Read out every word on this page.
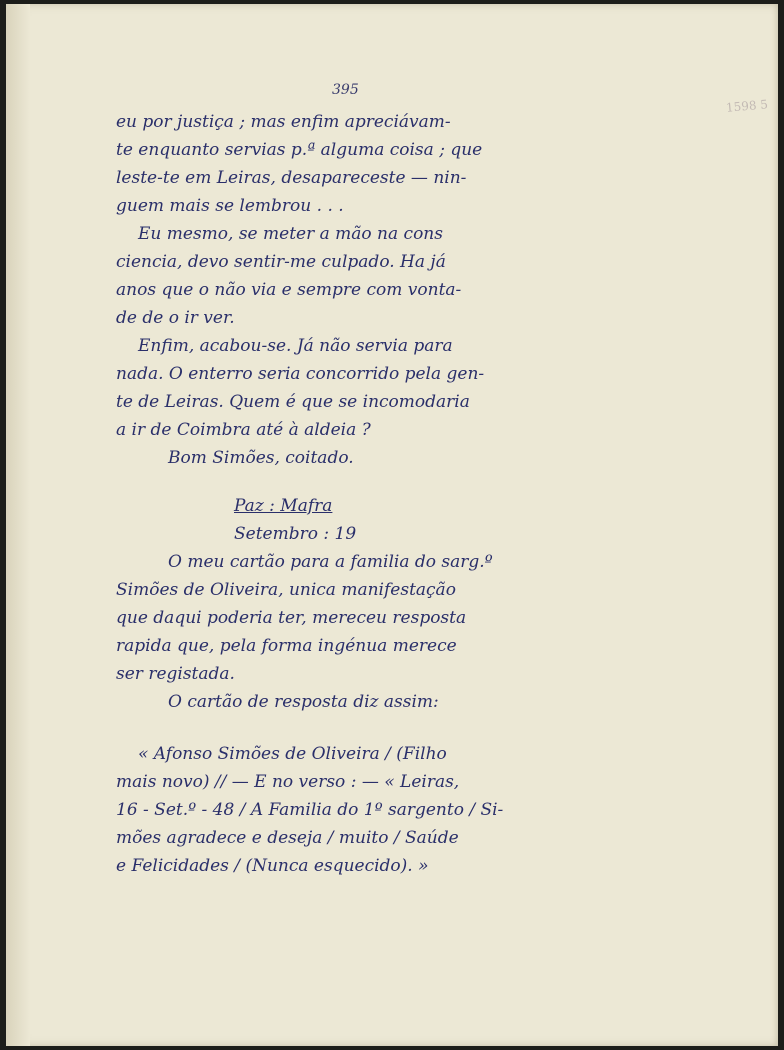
395
1598 5
eu por justiça ; mas enfim apreciávam-
te enquanto servias p.ª alguma coisa ; que
leste-te em Leiras, desapareceste — nin-
guem mais se lembrou . . .
Eu mesmo, se meter a mão na cons
ciencia, devo sentir-me culpado. Ha já
anos que o não via e sempre com vonta-
de de o ir ver.
Enfim, acabou-se. Já não servia para
nada. O enterro seria concorrido pela gen-
te de Leiras. Quem é que se incomodaria
a ir de Coimbra até à aldeia ?
Bom Simões, coitado.
Paz : Mafra
Setembro : 19
O meu cartão para a familia do sarg.º
Simões de Oliveira, unica manifestação
que daqui poderia ter, mereceu resposta
rapida que, pela forma ingénua merece
ser registada.
O cartão de resposta diz assim:
« Afonso Simões de Oliveira / (Filho
mais novo) // — E no verso : — « Leiras,
16 - Set.º - 48 / A Familia do 1º sargento / Si-
mões agradece e deseja / muito / Saúde
e Felicidades / (Nunca esquecido). »
